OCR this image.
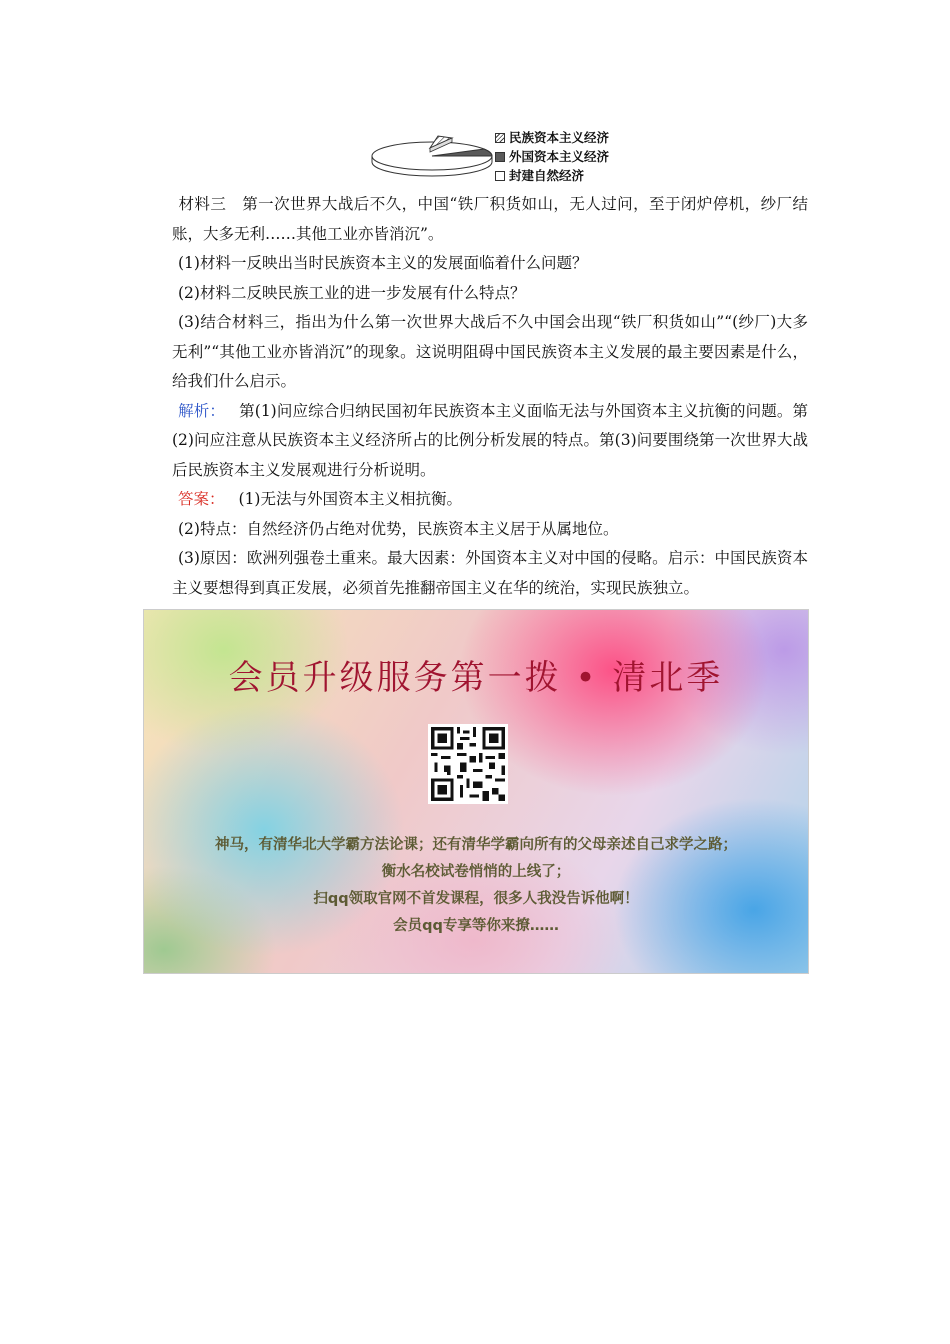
民族资本主义经济
外国资本主义经济
封建自然经济

材料三　第一次世界大战后不久，中国“铁厂积货如山，无人过问，至于闭炉停机，纱厂结账，大多无利……其他工业亦皆消沉”。

(1)材料一反映出当时民族资本主义的发展面临着什么问题？

(2)材料二反映民族工业的进一步发展有什么特点？

(3)结合材料三，指出为什么第一次世界大战后不久中国会出现“铁厂积货如山”“(纱厂)大多无利”“其他工业亦皆消沉”的现象。这说明阻碍中国民族资本主义发展的最主要因素是什么，给我们什么启示。

解析： 第(1)问应综合归纳民国初年民族资本主义面临无法与外国资本主义抗衡的问题。第(2)问应注意从民族资本主义经济所占的比例分析发展的特点。第(3)问要围绕第一次世界大战后民族资本主义发展观进行分析说明。

答案： (1)无法与外国资本主义相抗衡。

(2)特点：自然经济仍占绝对优势，民族资本主义居于从属地位。

(3)原因：欧洲列强卷土重来。最大因素：外国资本主义对中国的侵略。启示：中国民族资本主义要想得到真正发展，必须首先推翻帝国主义在华的统治，实现民族独立。

会员升级服务第一拨 • 清北季
神马，有清华北大学霸方法论课；还有清华学霸向所有的父母亲述自己求学之路；
衡水名校试卷悄悄的上线了；
扫qq领取官网不首发课程，很多人我没告诉他啊！
会员qq专享等你来撩……
